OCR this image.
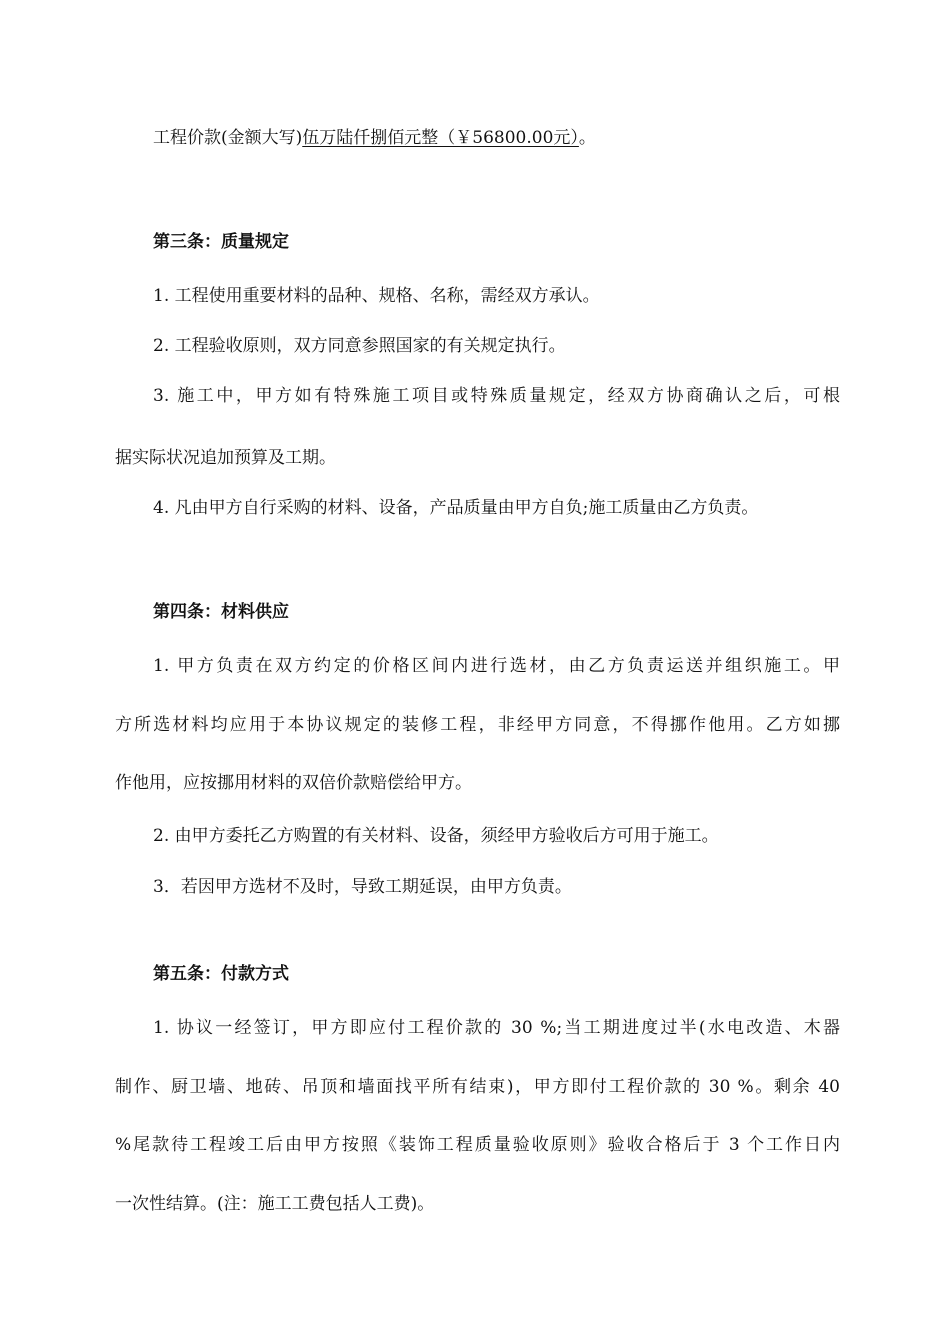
工程价款(金额大写)伍万陆仟捌佰元整（￥56800.00元）。
第三条：质量规定
1. 工程使用重要材料的品种、规格、名称，需经双方承认。
2. 工程验收原则，双方同意参照国家的有关规定执行。
3. 施工中，甲方如有特殊施工项目或特殊质量规定，经双方协商确认之后，可根
据实际状况追加预算及工期。
4. 凡由甲方自行采购的材料、设备，产品质量由甲方自负;施工质量由乙方负责。
第四条：材料供应
1. 甲方负责在双方约定的价格区间内进行选材，由乙方负责运送并组织施工。甲
方所选材料均应用于本协议规定的装修工程，非经甲方同意，不得挪作他用。乙方如挪
作他用，应按挪用材料的双倍价款赔偿给甲方。
2. 由甲方委托乙方购置的有关材料、设备，须经甲方验收后方可用于施工。
3．若因甲方选材不及时，导致工期延误，由甲方负责。
第五条：付款方式
1. 协议一经签订，甲方即应付工程价款的 30 %;当工期进度过半(水电改造、木器
制作、厨卫墙、地砖、吊顶和墙面找平所有结束)，甲方即付工程价款的 30 %。剩余 40
%尾款待工程竣工后由甲方按照《装饰工程质量验收原则》验收合格后于 3 个工作日内
一次性结算。(注：施工工费包括人工费)。
